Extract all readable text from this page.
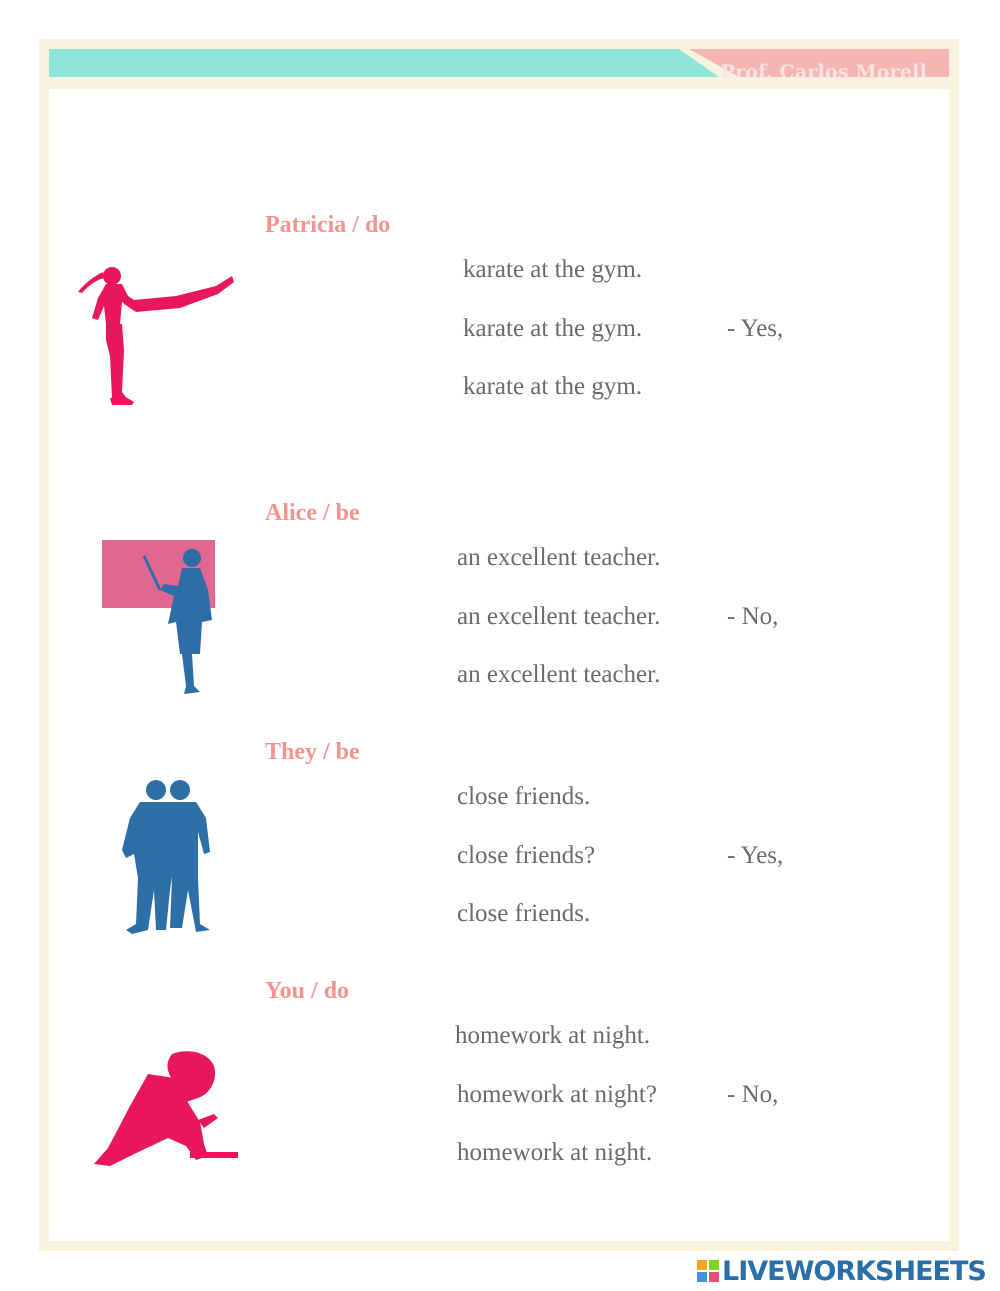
Prof. Carlos Morell
Patricia / do
karate at the gym.
karate at the gym.	- Yes,
karate at the gym.
Alice / be
an excellent teacher.
an excellent teacher.	- No,
an excellent teacher.
They / be
close friends.
close friends?	- Yes,
close friends.
You / do
homework at night.
homework at night?	- No,
homework at night.
LIVEWORKSHEETS
